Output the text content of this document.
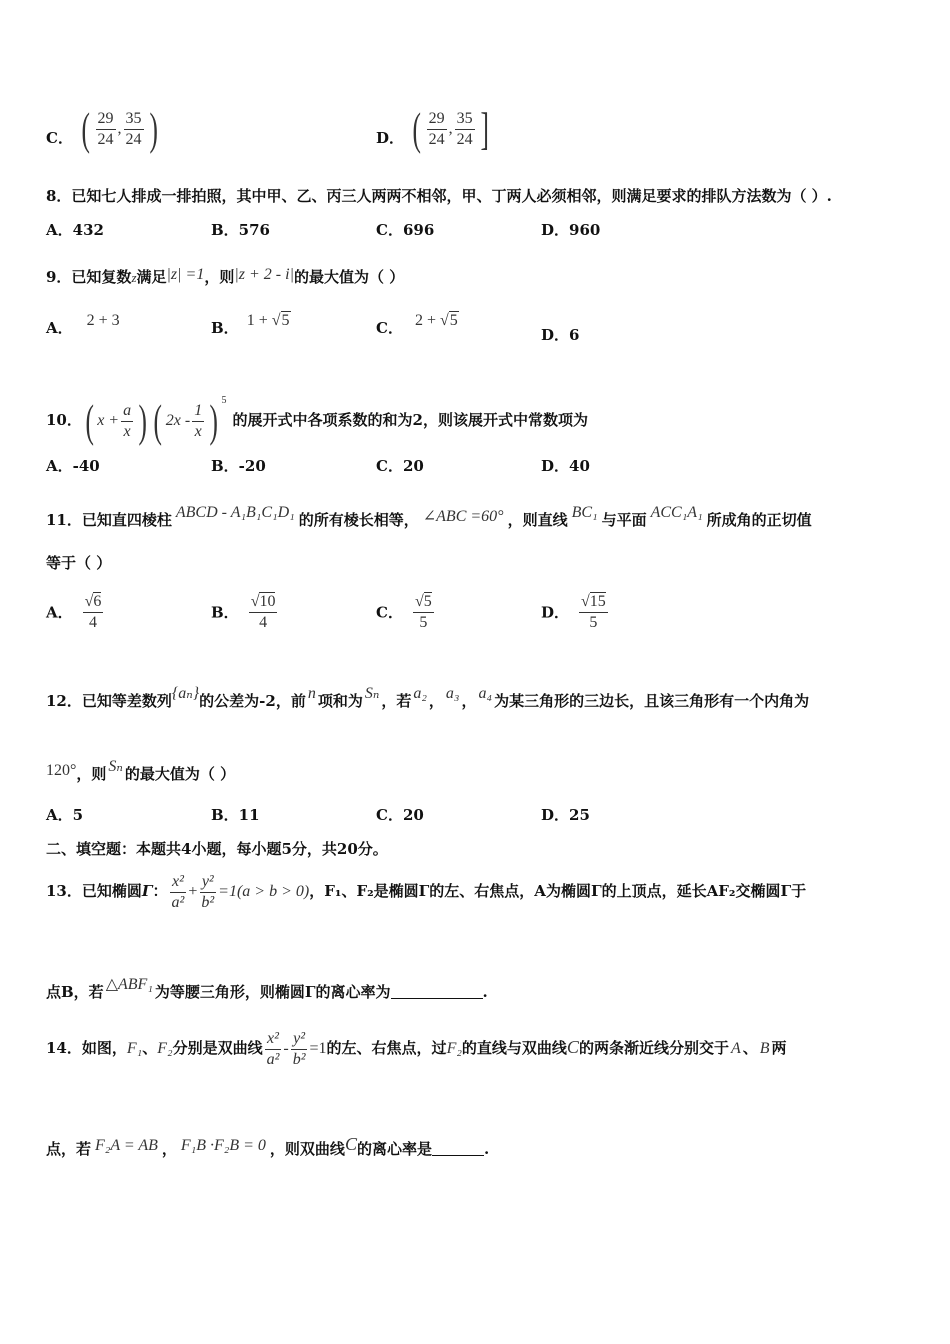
C． ( $\frac{29}{24}$ , $\frac{35}{24}$ )	D． ( $\frac{29}{24}$ , $\frac{35}{24}$ ]
8．已知七人排成一排拍照，其中甲、乙、丙三人两两不相邻，甲、丁两人必须相邻，则满足要求的排队方法数为（ ）.
A．432	B．576	C．696	D．960
9．已知复数z满足|z| =1，则|z + 2 - i|的最大值为（ ）
A． 2 + 3	B． 1 + √5	C． 2 + √5
D．6
10．( $x + \frac{a}{x}$ ) ( $2x - \frac{1}{x}$ ) $^5$的展开式中各项系数的和为2，则该展开式中常数项为
A．-40	B．-20	C．20	D．40
11．已知直四棱柱 ABCD - A₁B₁C₁D₁ 的所有棱长相等， ∠ABC =60° ，则直线 BC₁ 与平面 ACC₁A₁ 所成角的正切值
等于（ ）
A． $\frac{√6}{4}$	B． $\frac{√10}{4}$	C． $\frac{√5}{5}$	D． $\frac{√15}{5}$
12．已知等差数列{aₙ}的公差为-2，前 n 项和为 Sₙ ，若 a₂ ， a₃ ， a₄ 为某三角形的三边长，且该三角形有一个内角为
120°，则 Sₙ 的最大值为（ ）
A．5	B．11	C．20	D．25
二、填空题：本题共4小题，每小题5分，共20分。
13．已知椭圆Γ： $\frac{\text{x²}}{\text{a²}} + \frac{\text{y²}}{\text{b²}} =1(a > b > 0)$，F₁、F₂是椭圆Γ的左、右焦点，A为椭圆Γ的上顶点，延长AF₂交椭圆Γ于
点B，若 △ABF₁ 为等腰三角形，则椭圆Γ的离心率为	.
14．如图，F₁、F₂分别是双曲线 $\frac{\text{x²}}{\text{a²}} - \frac{\text{y²}}{\text{b²}} =1$的左、右焦点，过F₂的直线与双曲线C的两条渐近线分别交于 A 、 B 两
点，若 F₂A = AB ， F₁B ·F₂B = 0 ，则双曲线C的离心率是	.
